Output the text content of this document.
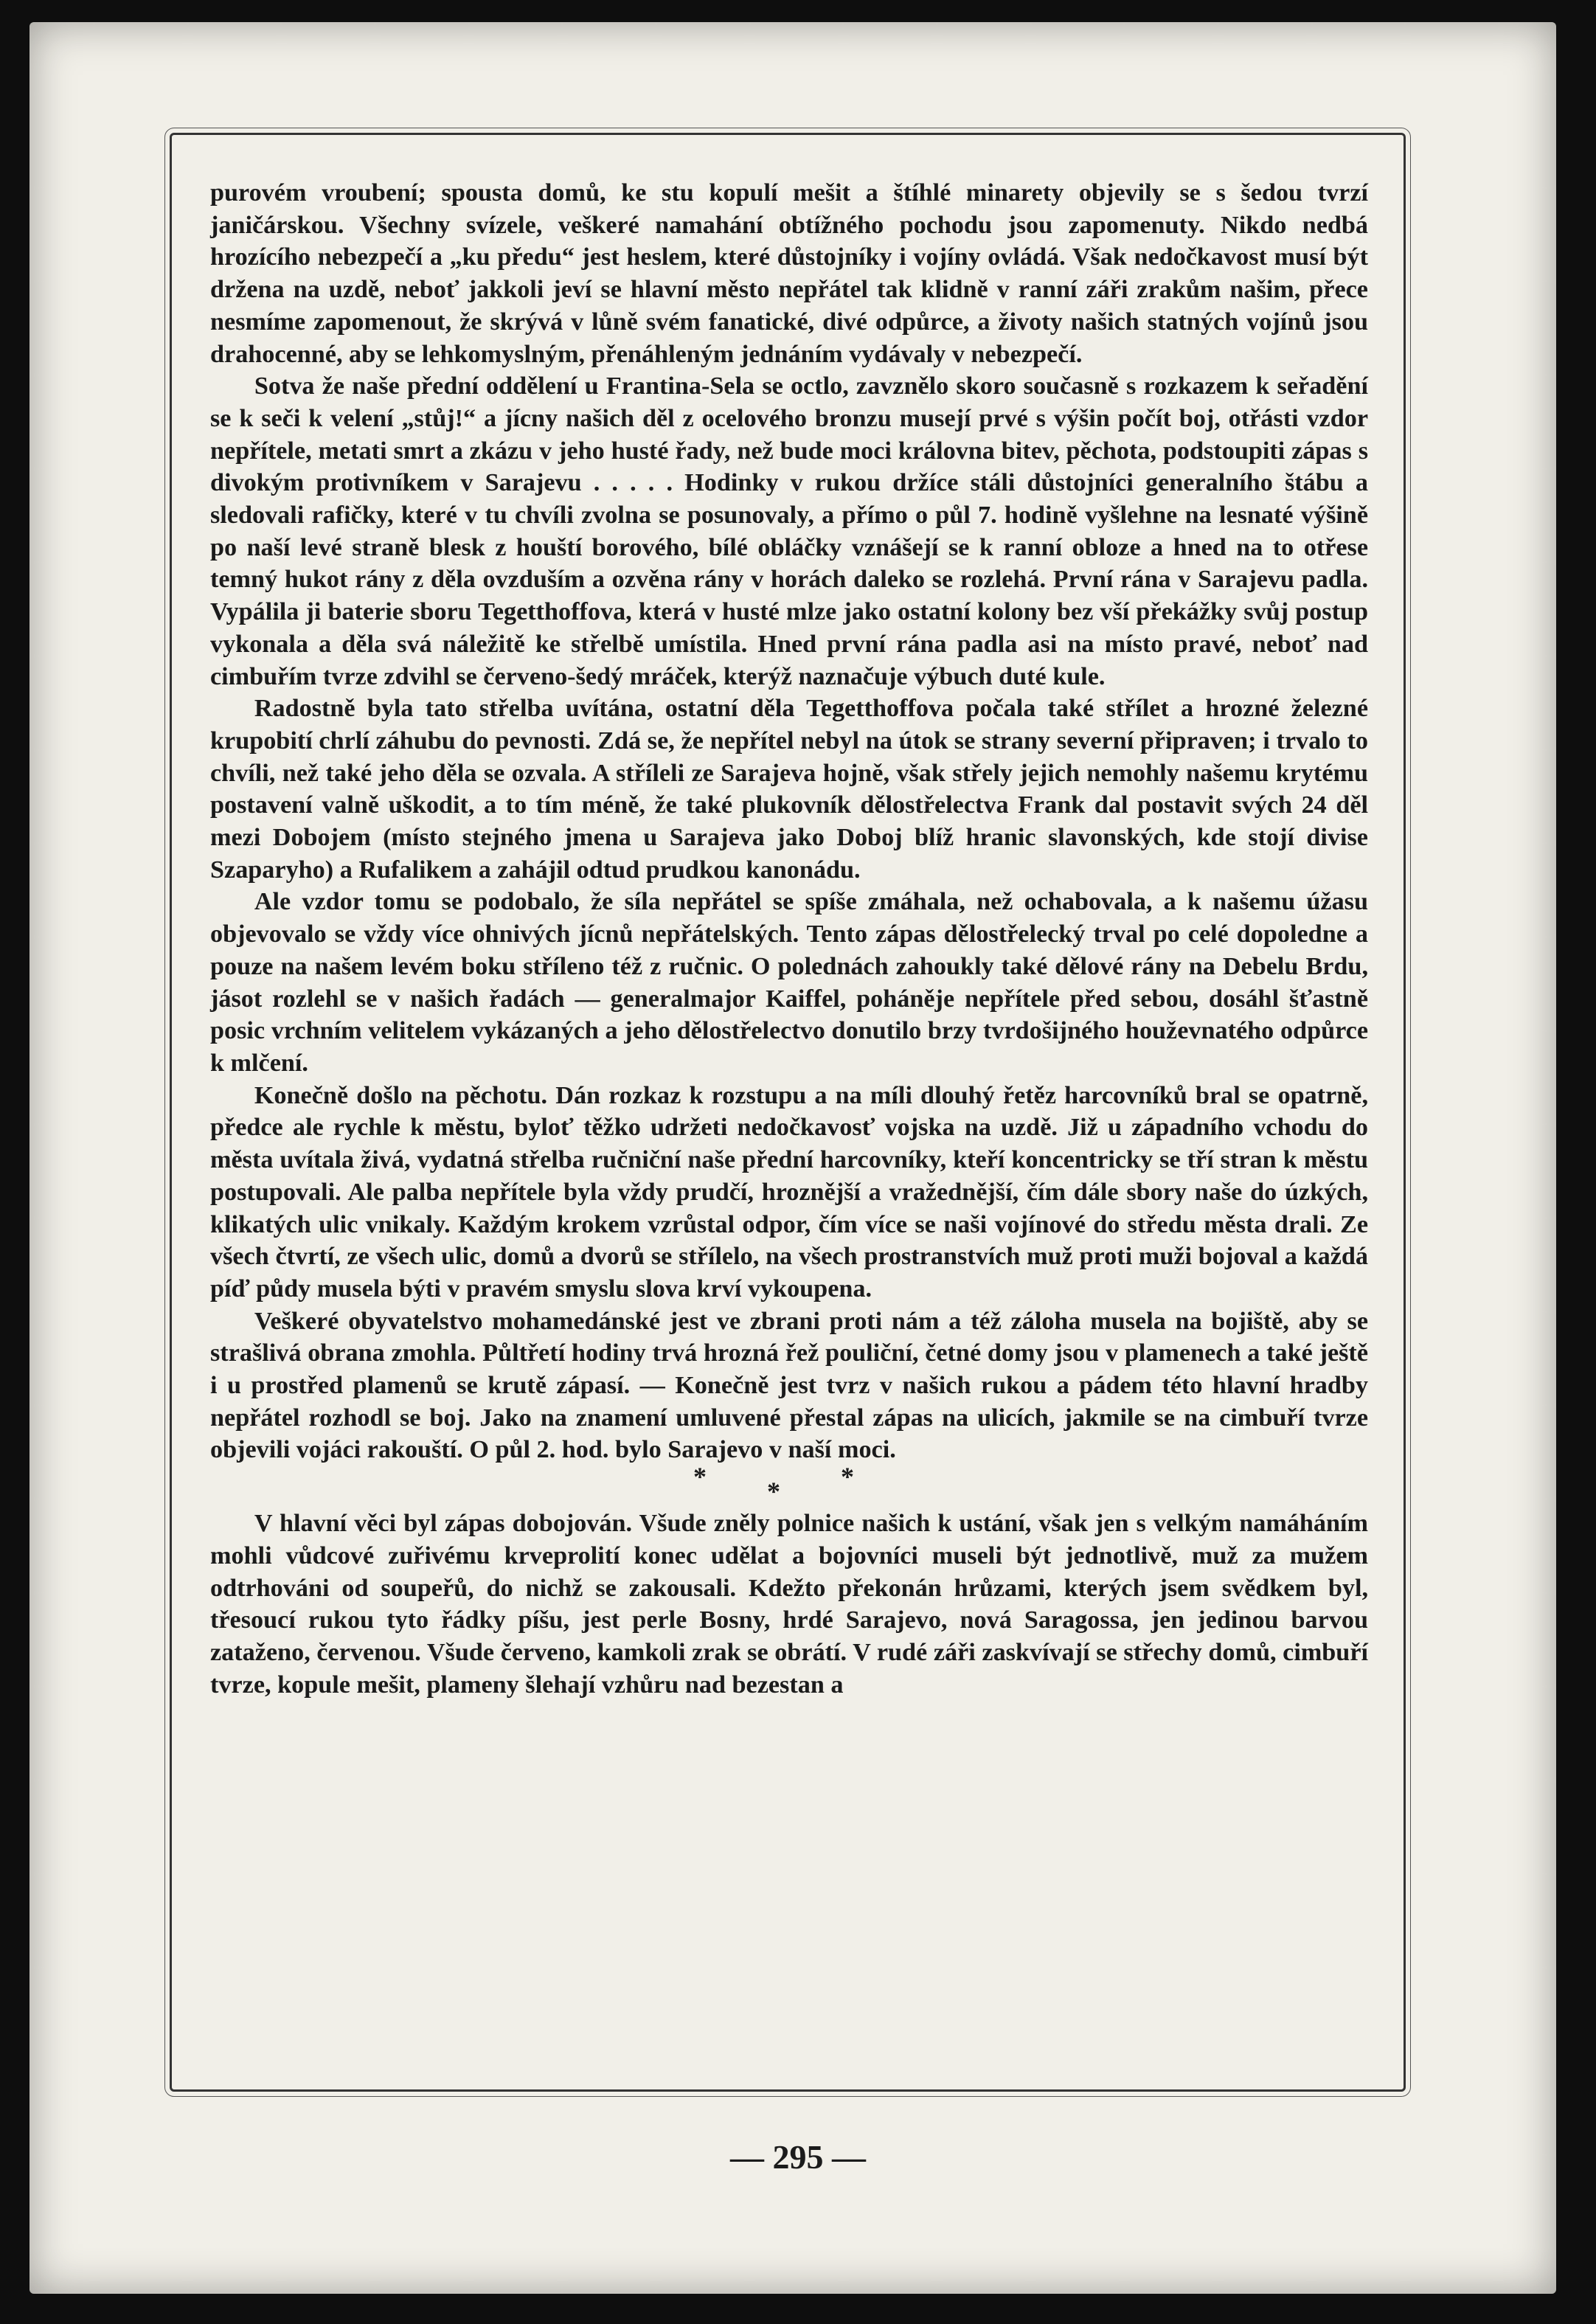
purovém vroubení; spousta domů, ke stu kopulí mešit a štíhlé minarety objevily se s šedou tvrzí janičárskou. Všechny svízele, veškeré namahání obtížného pochodu jsou zapomenuty. Nikdo nedbá hrozícího nebezpečí a „ku předu“ jest heslem, které důstojníky i vojíny ovládá. Však nedočkavost musí být držena na uzdě, neboť jakkoli jeví se hlavní město nepřátel tak klidně v ranní záři zrakům našim, přece nesmíme zapomenout, že skrývá v lůně svém fanatické, divé odpůrce, a životy našich statných vojínů jsou drahocenné, aby se lehkomyslným, přenáhleným jednáním vydávaly v nebezpečí.

Sotva že naše přední oddělení u Frantina-Sela se octlo, zavznělo skoro současně s rozkazem k seřadění se k seči k velení „stůj!“ a jícny našich děl z ocelového bronzu musejí prvé s výšin počít boj, otřásti vzdor nepřítele, metati smrt a zkázu v jeho husté řady, než bude moci královna bitev, pěchota, podstoupiti zápas s divokým protivníkem v Sarajevu . . . . . Hodinky v rukou držíce stáli důstojníci generalního štábu a sledovali rafičky, které v tu chvíli zvolna se posunovaly, a přímo o půl 7. hodině vyšlehne na lesnaté výšině po naší levé straně blesk z houští borového, bílé obláčky vznášejí se k ranní obloze a hned na to otřese temný hukot rány z děla ovzduším a ozvěna rány v horách daleko se rozlehá. První rána v Sarajevu padla. Vypálila ji baterie sboru Tegetthoffova, která v husté mlze jako ostatní kolony bez vší překážky svůj postup vykonala a děla svá náležitě ke střelbě umístila. Hned první rána padla asi na místo pravé, neboť nad cimbuřím tvrze zdvihl se červeno-šedý mráček, kterýž naznačuje výbuch duté kule.

Radostně byla tato střelba uvítána, ostatní děla Tegetthoffova počala také střílet a hrozné železné krupobití chrlí záhubu do pevnosti. Zdá se, že nepřítel nebyl na útok se strany severní připraven; i trvalo to chvíli, než také jeho děla se ozvala. A stříleli ze Sarajeva hojně, však střely jejich nemohly našemu krytému postavení valně uškodit, a to tím méně, že také plukovník dělostřelectva Frank dal postavit svých 24 děl mezi Dobojem (místo stejného jmena u Sarajeva jako Doboj blíž hranic slavonských, kde stojí divise Szaparyho) a Rufalikem a zahájil odtud prudkou kanonádu.

Ale vzdor tomu se podobalo, že síla nepřátel se spíše zmáhala, než ochabovala, a k našemu úžasu objevovalo se vždy více ohnivých jícnů nepřátelských. Tento zápas dělostřelecký trval po celé dopoledne a pouze na našem levém boku stříleno též z ručnic. O polednách zahoukly také dělové rány na Debelu Brdu, jásot rozlehl se v našich řadách — generalmajor Kaiffel, poháněje nepřítele před sebou, dosáhl šťastně posic vrchním velitelem vykázaných a jeho dělostřelectvo donutilo brzy tvrdošijného houževnatého odpůrce k mlčení.

Konečně došlo na pěchotu. Dán rozkaz k rozstupu a na míli dlouhý řetěz harcovníků bral se opatrně, předce ale rychle k městu, byloť těžko udržeti nedočkavosť vojska na uzdě. Již u západního vchodu do města uvítala živá, vydatná střelba ručniční naše přední harcovníky, kteří koncentricky se tří stran k městu postupovali. Ale palba nepřítele byla vždy prudčí, hroznější a vražednější, čím dále sbory naše do úzkých, klikatých ulic vnikaly. Každým krokem vzrůstal odpor, čím více se naši vojínové do středu města drali. Ze všech čtvrtí, ze všech ulic, domů a dvorů se střílelo, na všech prostranstvích muž proti muži bojoval a každá píď půdy musela býti v pravém smyslu slova krví vykoupena.

Veškeré obyvatelstvo mohamedánské jest ve zbrani proti nám a též záloha musela na bojiště, aby se strašlivá obrana zmohla. Půltřetí hodiny trvá hrozná řež pouliční, četné domy jsou v plamenech a také ještě i u prostřed plamenů se krutě zápasí. — Konečně jest tvrz v našich rukou a pádem této hlavní hradby nepřátel rozhodl se boj. Jako na znamení umluvené přestal zápas na ulicích, jakmile se na cimbuří tvrze objevili vojáci rakouští. O půl 2. hod. bylo Sarajevo v naší moci.

* * *

V hlavní věci byl zápas dobojován. Všude zněly polnice našich k ustání, však jen s velkým namáháním mohli vůdcové zuřivému krveprolití konec udělat a bojovníci museli být jednotlivě, muž za mužem odtrhováni od soupeřů, do nichž se zakousali. Kdežto překonán hrůzami, kterých jsem svědkem byl, třesoucí rukou tyto řádky píšu, jest perle Bosny, hrdé Sarajevo, nová Saragossa, jen jedinou barvou zataženo, červenou. Všude červeno, kamkoli zrak se obrátí. V rudé záři zaskvívají se střechy domů, cimbuří tvrze, kopule mešit, plameny šlehají vzhůru nad bezestan a

— 295 —
